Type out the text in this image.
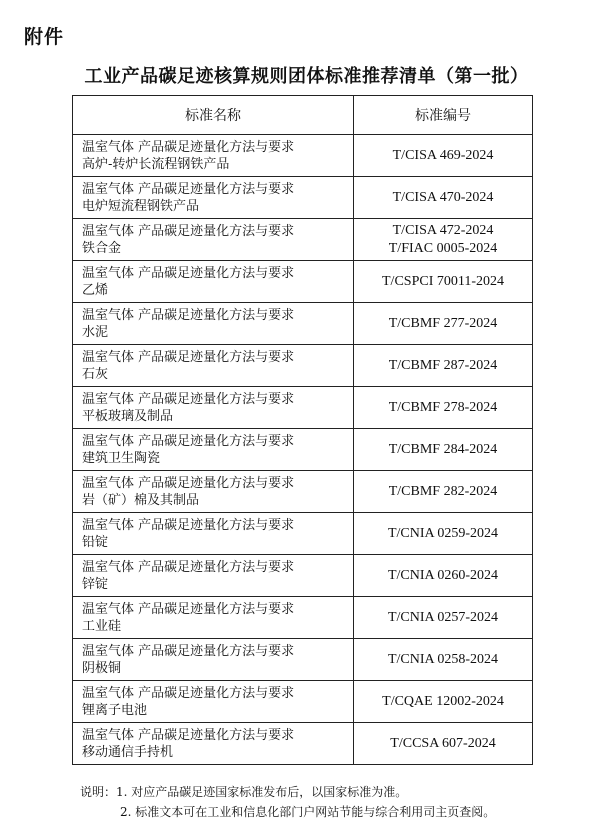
附件
工业产品碳足迹核算规则团体标准推荐清单（第一批）
标准名称	标准编号

温室气体 产品碳足迹量化方法与要求
高炉-转炉长流程钢铁产品	T/CISA 469-2024

温室气体 产品碳足迹量化方法与要求
电炉短流程钢铁产品	T/CISA 470-2024

温室气体 产品碳足迹量化方法与要求
铁合金	T/CISA 472-2024
T/FIAC 0005-2024

温室气体 产品碳足迹量化方法与要求
乙烯	T/CSPCI 70011-2024

温室气体 产品碳足迹量化方法与要求
水泥	T/CBMF 277-2024

温室气体 产品碳足迹量化方法与要求
石灰	T/CBMF 287-2024

温室气体 产品碳足迹量化方法与要求
平板玻璃及制品	T/CBMF 278-2024

温室气体 产品碳足迹量化方法与要求
建筑卫生陶瓷	T/CBMF 284-2024

温室气体 产品碳足迹量化方法与要求
岩（矿）棉及其制品	T/CBMF 282-2024

温室气体 产品碳足迹量化方法与要求
铅锭	T/CNIA 0259-2024

温室气体 产品碳足迹量化方法与要求
锌锭	T/CNIA 0260-2024

温室气体 产品碳足迹量化方法与要求
工业硅	T/CNIA 0257-2024

温室气体 产品碳足迹量化方法与要求
阴极铜	T/CNIA 0258-2024

温室气体 产品碳足迹量化方法与要求
锂离子电池	T/CQAE 12002-2024

温室气体 产品碳足迹量化方法与要求
移动通信手持机	T/CCSA 607-2024
说明：1. 对应产品碳足迹国家标准发布后，以国家标准为准。
2. 标准文本可在工业和信息化部门户网站节能与综合利用司主页查阅。
